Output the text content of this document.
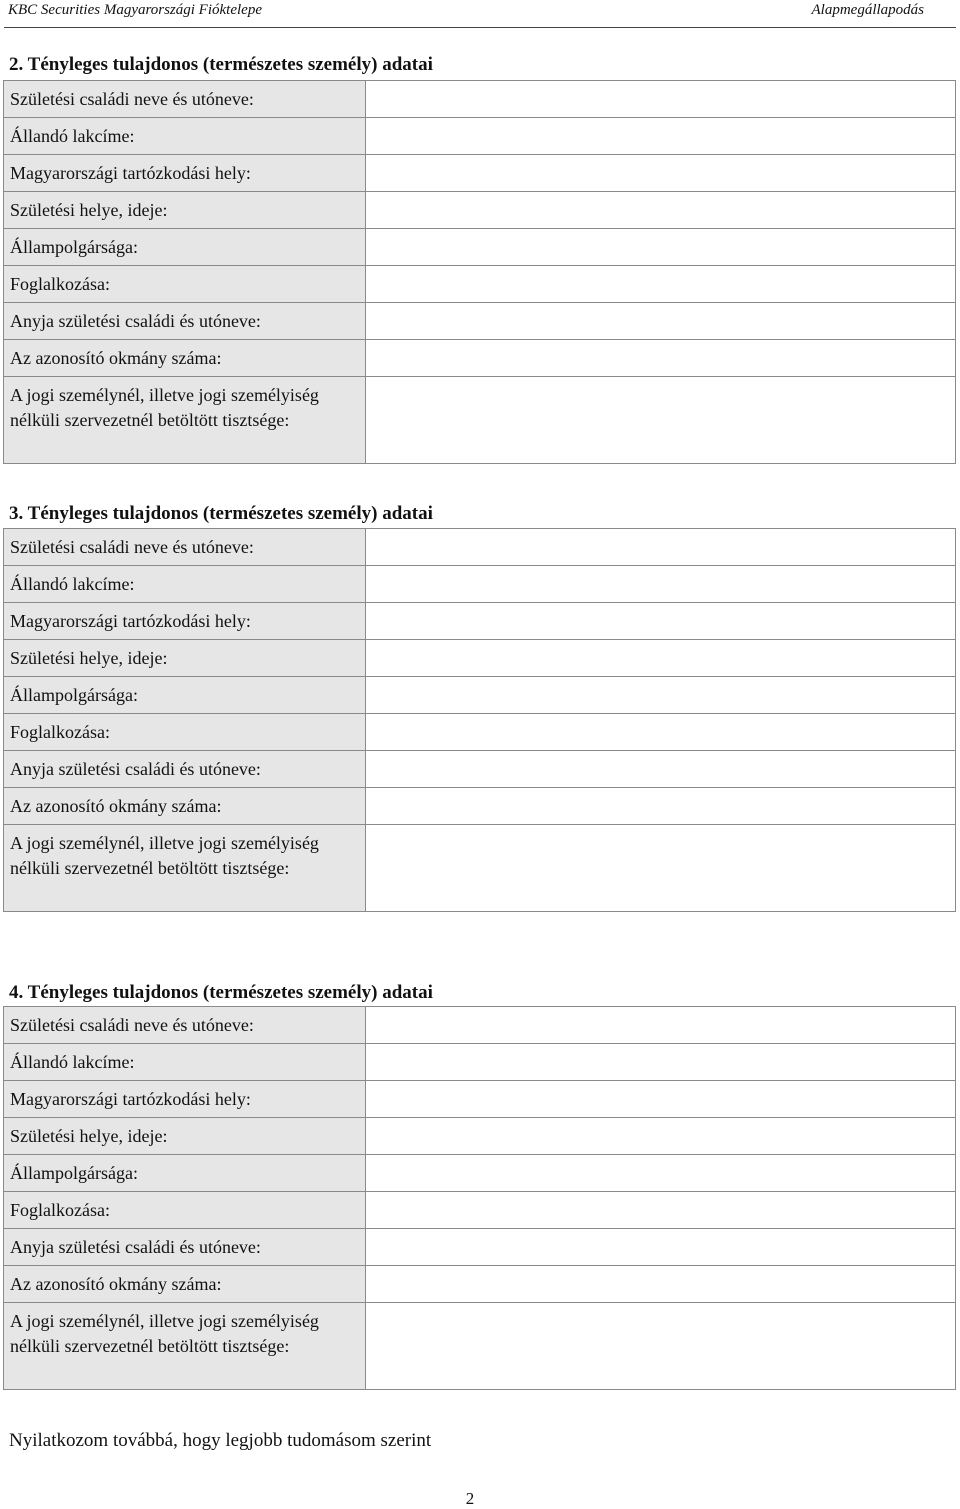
KBC Securities Magyarországi Fióktelepe	Alapmegállapodás
2. Tényleges tulajdonos (természetes személy) adatai
Születési családi neve és utóneve:	
Állandó lakcíme:	
Magyarországi tartózkodási hely:	
Születési helye, ideje:	
Állampolgársága:	
Foglalkozása:	
Anyja születési családi és utóneve:	
Az azonosító okmány száma:	
A jogi személynél, illetve jogi személyiség nélküli szervezetnél betöltött tisztsége:	
3. Tényleges tulajdonos (természetes személy) adatai
Születési családi neve és utóneve:	
Állandó lakcíme:	
Magyarországi tartózkodási hely:	
Születési helye, ideje:	
Állampolgársága:	
Foglalkozása:	
Anyja születési családi és utóneve:	
Az azonosító okmány száma:	
A jogi személynél, illetve jogi személyiség nélküli szervezetnél betöltött tisztsége:	
4. Tényleges tulajdonos (természetes személy) adatai
Születési családi neve és utóneve:	
Állandó lakcíme:	
Magyarországi tartózkodási hely:	
Születési helye, ideje:	
Állampolgársága:	
Foglalkozása:	
Anyja születési családi és utóneve:	
Az azonosító okmány száma:	
A jogi személynél, illetve jogi személyiség nélküli szervezetnél betöltött tisztsége:	
Nyilatkozom továbbá, hogy legjobb tudomásom szerint
2
